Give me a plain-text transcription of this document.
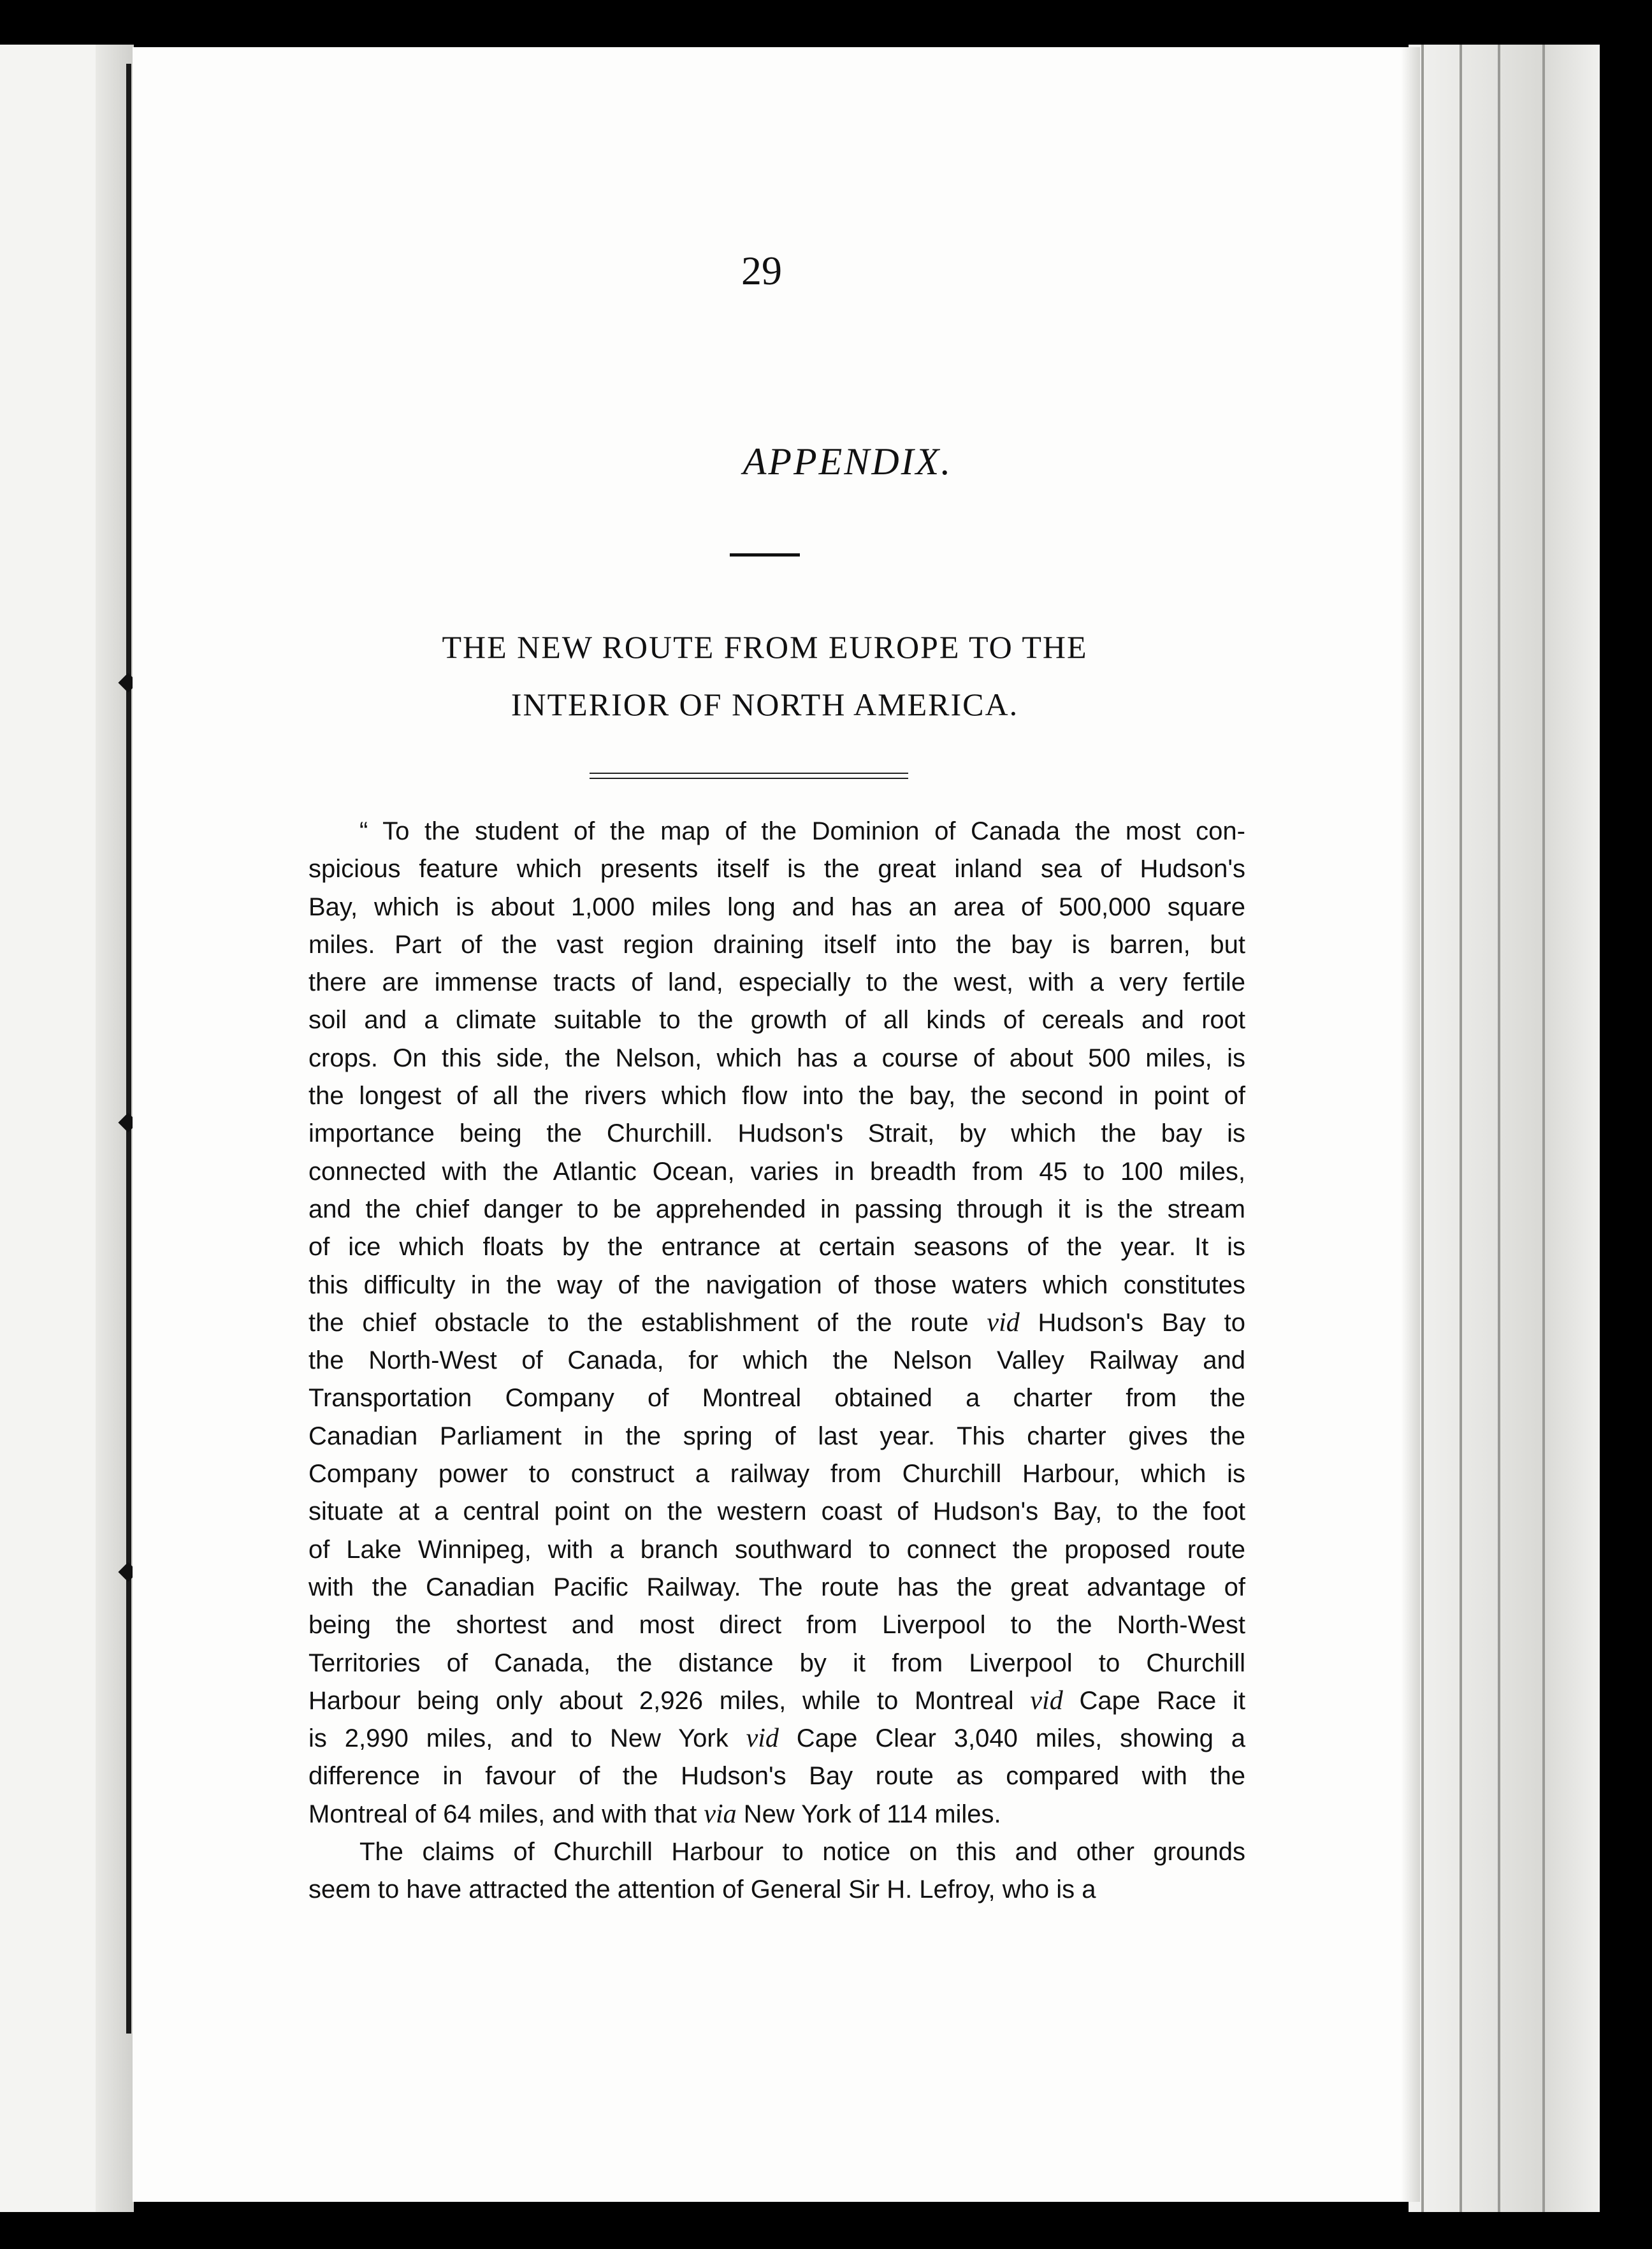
29
APPENDIX.
THE NEW ROUTE FROM EUROPE TO THE
INTERIOR OF NORTH AMERICA.
“ To the student of the map of the Dominion of Canada the most con-
spicious feature which presents itself is the great inland sea of Hudson's
Bay, which is about 1,000 miles long and has an area of 500,000 square
miles. Part of the vast region draining itself into the bay is barren, but
there are immense tracts of land, especially to the west, with a very fertile
soil and a climate suitable to the growth of all kinds of cereals and root
crops. On this side, the Nelson, which has a course of about 500 miles, is
the longest of all the rivers which flow into the bay, the second in point of
importance being the Churchill. Hudson's Strait, by which the bay is
connected with the Atlantic Ocean, varies in breadth from 45 to 100 miles,
and the chief danger to be apprehended in passing through it is the stream
of ice which floats by the entrance at certain seasons of the year. It is
this difficulty in the way of the navigation of those waters which constitutes
the chief obstacle to the establishment of the route vid Hudson's Bay to
the North-West of Canada, for which the Nelson Valley Railway and
Transportation Company of Montreal obtained a charter from the
Canadian Parliament in the spring of last year. This charter gives the
Company power to construct a railway from Churchill Harbour, which is
situate at a central point on the western coast of Hudson's Bay, to the foot
of Lake Winnipeg, with a branch southward to connect the proposed route
with the Canadian Pacific Railway. The route has the great advantage of
being the shortest and most direct from Liverpool to the North-West
Territories of Canada, the distance by it from Liverpool to Churchill
Harbour being only about 2,926 miles, while to Montreal vid Cape Race it
is 2,990 miles, and to New York vid Cape Clear 3,040 miles, showing a
difference in favour of the Hudson's Bay route as compared with the
Montreal of 64 miles, and with that via New York of 114 miles.
The claims of Churchill Harbour to notice on this and other grounds
seem to have attracted the attention of General Sir H. Lefroy, who is a
